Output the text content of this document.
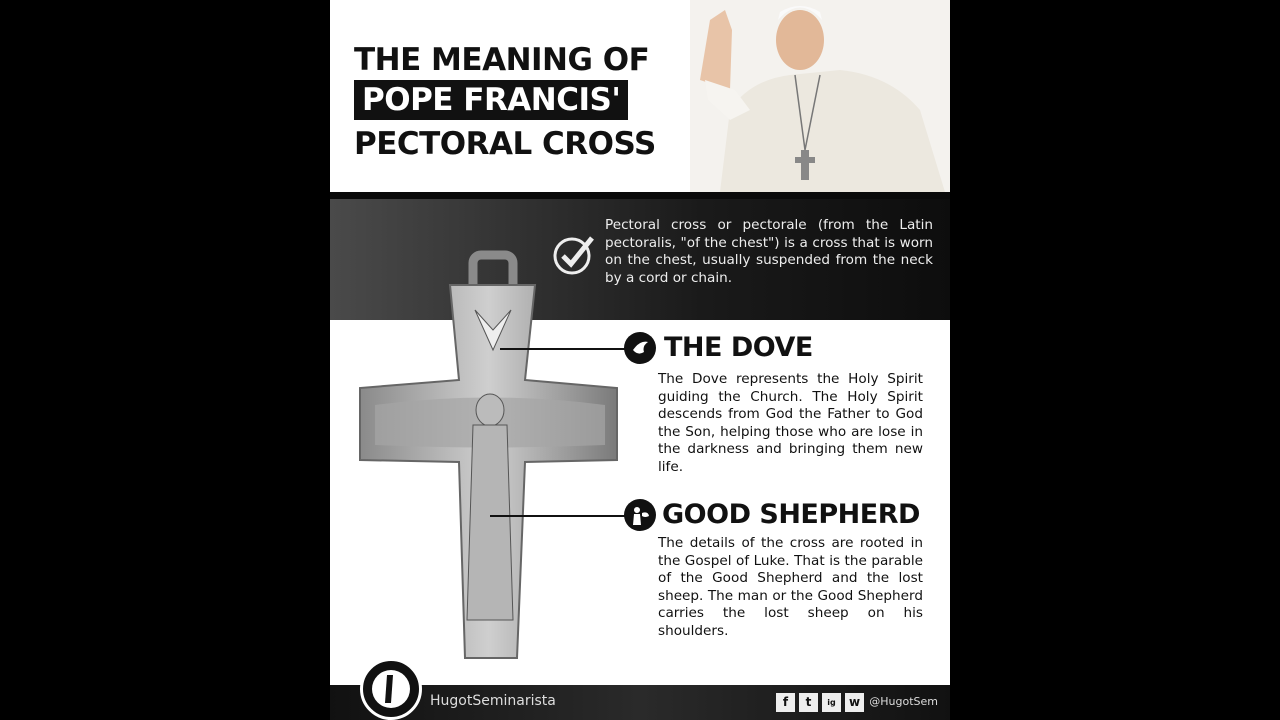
THE MEANING OF
POPE FRANCIS'
PECTORAL CROSS
Pectoral cross or pectorale (from the Latin pectoralis, "of the chest") is a cross that is worn on the chest, usually suspended from the neck by a cord or chain.
THE DOVE
The Dove represents the Holy Spirit guiding the Church. The Holy Spirit descends from God the Father to God the Son, helping those who are lose in the darkness and bringing them new life.
GOOD SHEPHERD
The details of the cross are rooted in the Gospel of Luke. That is the parable of the Good Shepherd and the lost sheep. The man or the Good Shepherd carries the lost sheep on his shoulders.
HugotSeminarista	f	t	ig	w @HugotSem
